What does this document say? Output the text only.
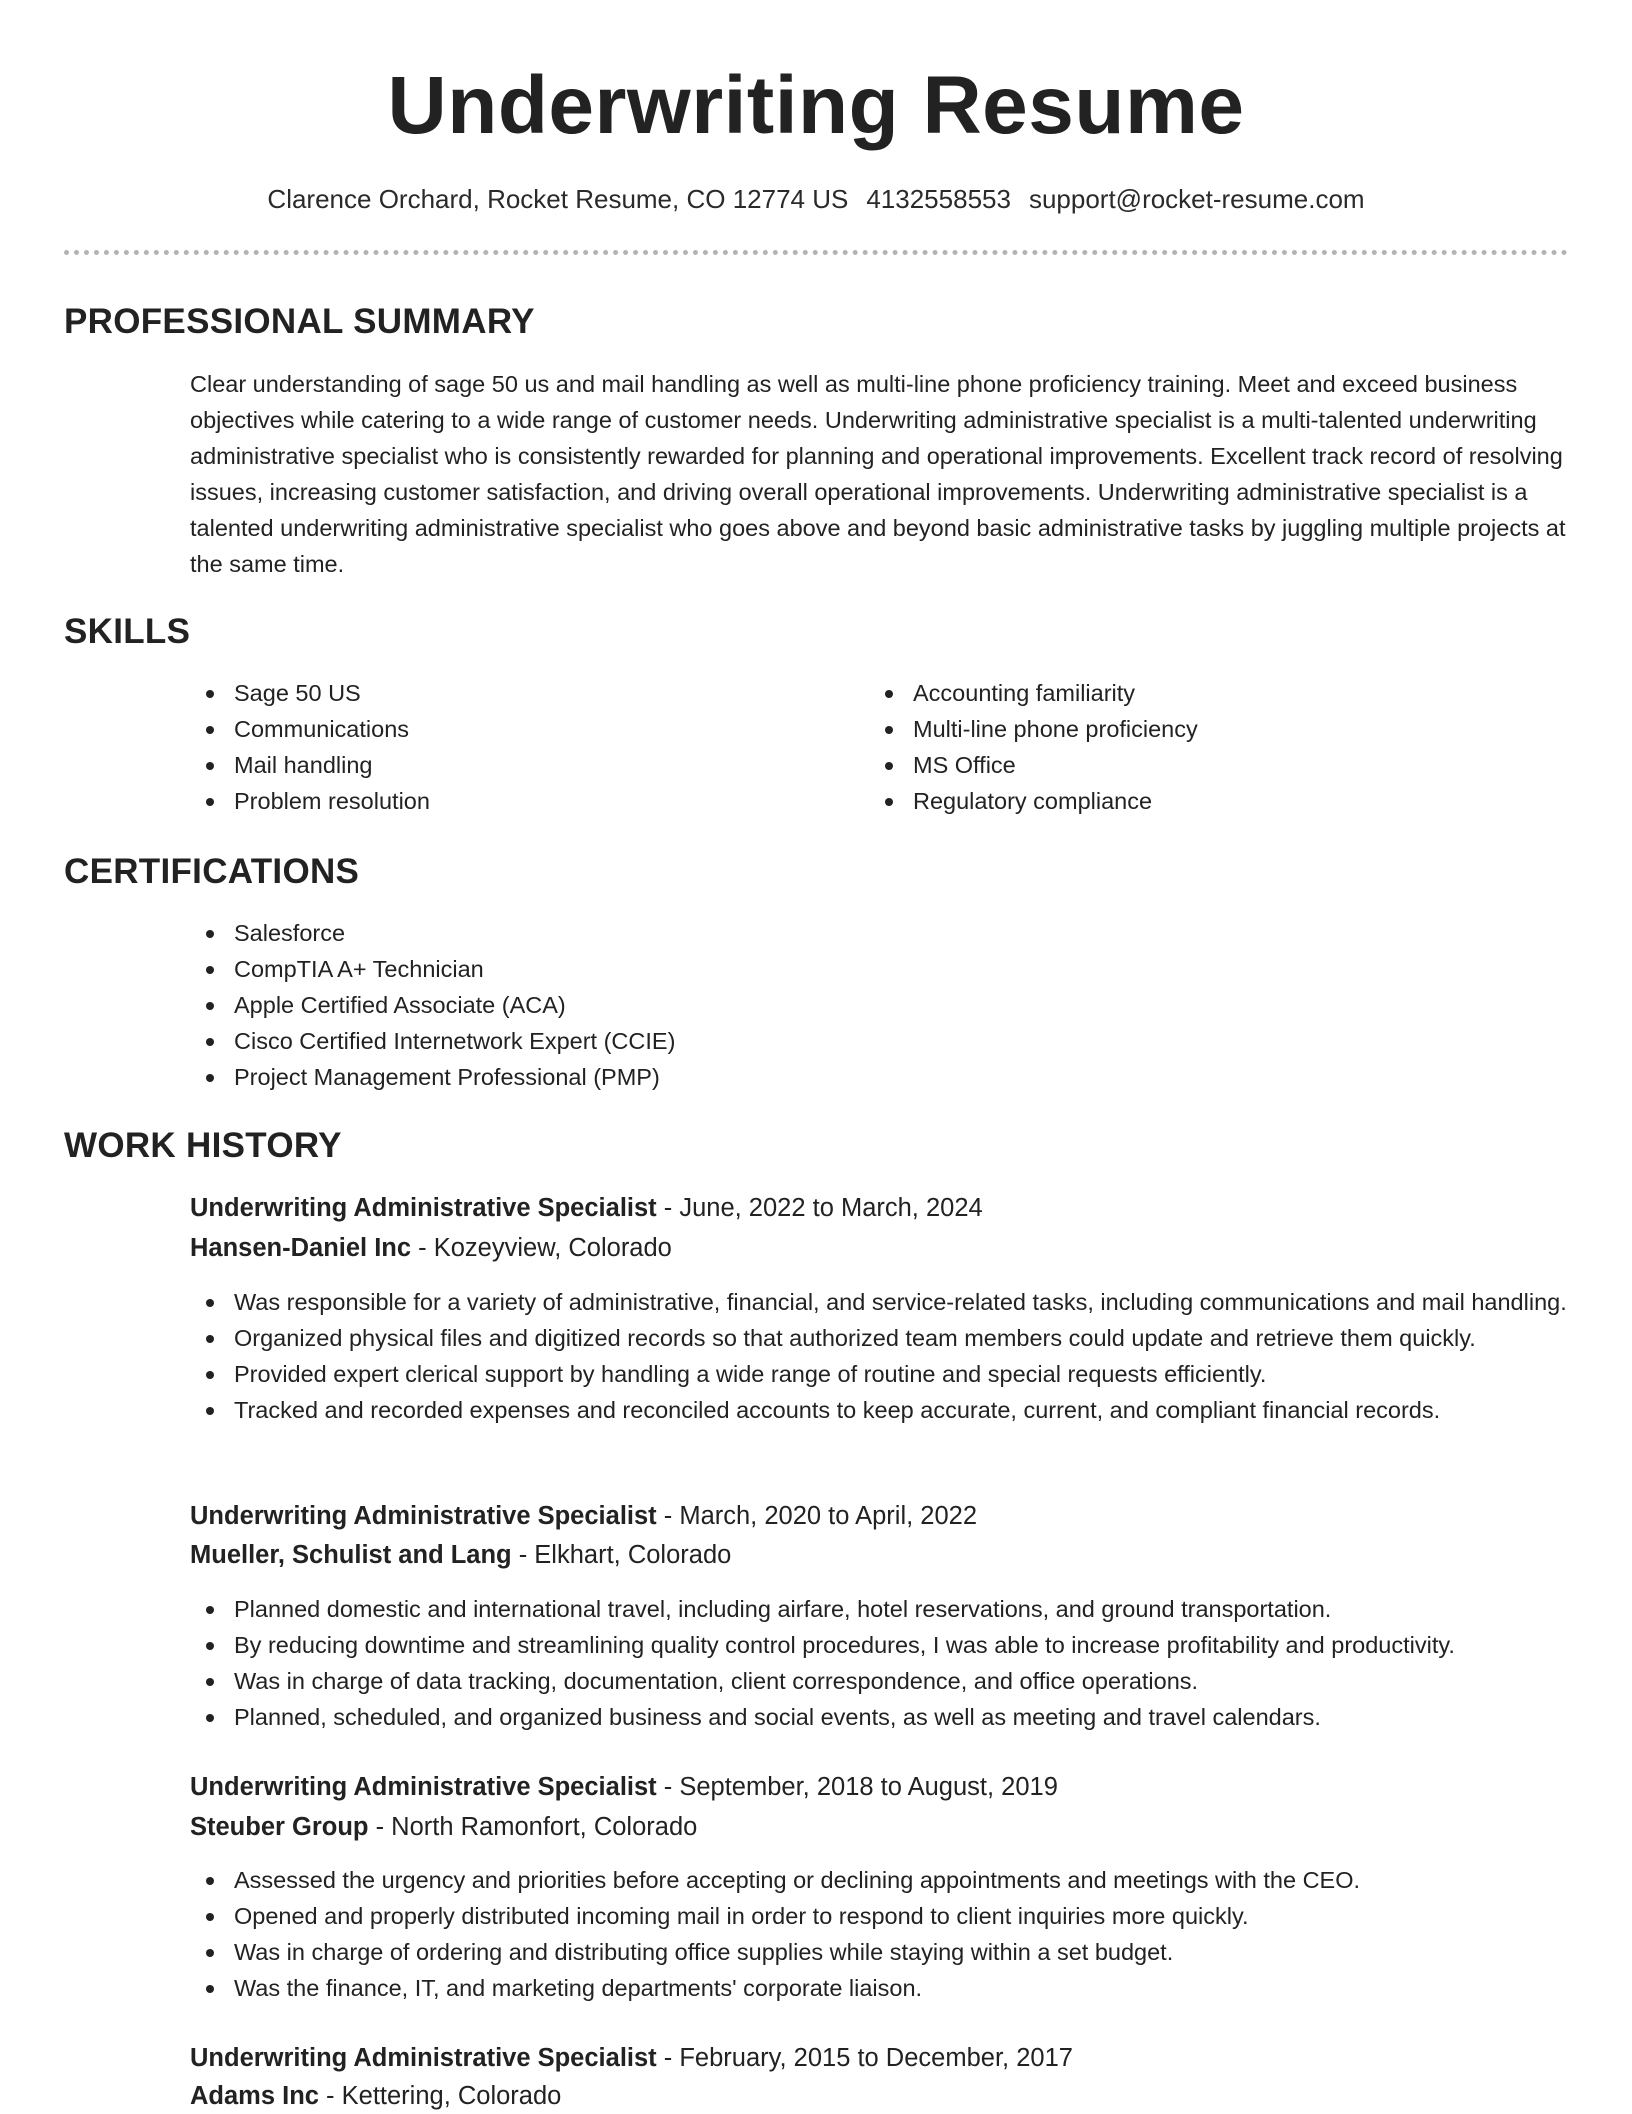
Underwriting Resume
Clarence Orchard, Rocket Resume, CO 12774 US 4132558553 support@rocket-resume.com
PROFESSIONAL SUMMARY

Clear understanding of sage 50 us and mail handling as well as multi-line phone proficiency training. Meet and exceed business objectives while catering to a wide range of customer needs. Underwriting administrative specialist is a multi-talented underwriting administrative specialist who is consistently rewarded for planning and operational improvements. Excellent track record of resolving issues, increasing customer satisfaction, and driving overall operational improvements. Underwriting administrative specialist is a talented underwriting administrative specialist who goes above and beyond basic administrative tasks by juggling multiple projects at the same time.

SKILLS
Sage 50 US
Communications
Mail handling
Problem resolution
Accounting familiarity
Multi-line phone proficiency
MS Office
Regulatory compliance
CERTIFICATIONS
Salesforce
CompTIA A+ Technician
Apple Certified Associate (ACA)
Cisco Certified Internetwork Expert (CCIE)
Project Management Professional (PMP)
WORK HISTORY
Underwriting Administrative Specialist - June, 2022 to March, 2024
Hansen-Daniel Inc - Kozeyview, Colorado
Was responsible for a variety of administrative, financial, and service-related tasks, including communications and mail handling.
Organized physical files and digitized records so that authorized team members could update and retrieve them quickly.
Provided expert clerical support by handling a wide range of routine and special requests efficiently.
Tracked and recorded expenses and reconciled accounts to keep accurate, current, and compliant financial records.
Underwriting Administrative Specialist - March, 2020 to April, 2022
Mueller, Schulist and Lang - Elkhart, Colorado
Planned domestic and international travel, including airfare, hotel reservations, and ground transportation.
By reducing downtime and streamlining quality control procedures, I was able to increase profitability and productivity.
Was in charge of data tracking, documentation, client correspondence, and office operations.
Planned, scheduled, and organized business and social events, as well as meeting and travel calendars.
Underwriting Administrative Specialist - September, 2018 to August, 2019
Steuber Group - North Ramonfort, Colorado
Assessed the urgency and priorities before accepting or declining appointments and meetings with the CEO.
Opened and properly distributed incoming mail in order to respond to client inquiries more quickly.
Was in charge of ordering and distributing office supplies while staying within a set budget.
Was the finance, IT, and marketing departments' corporate liaison.
Underwriting Administrative Specialist - February, 2015 to December, 2017
Adams Inc - Kettering, Colorado
